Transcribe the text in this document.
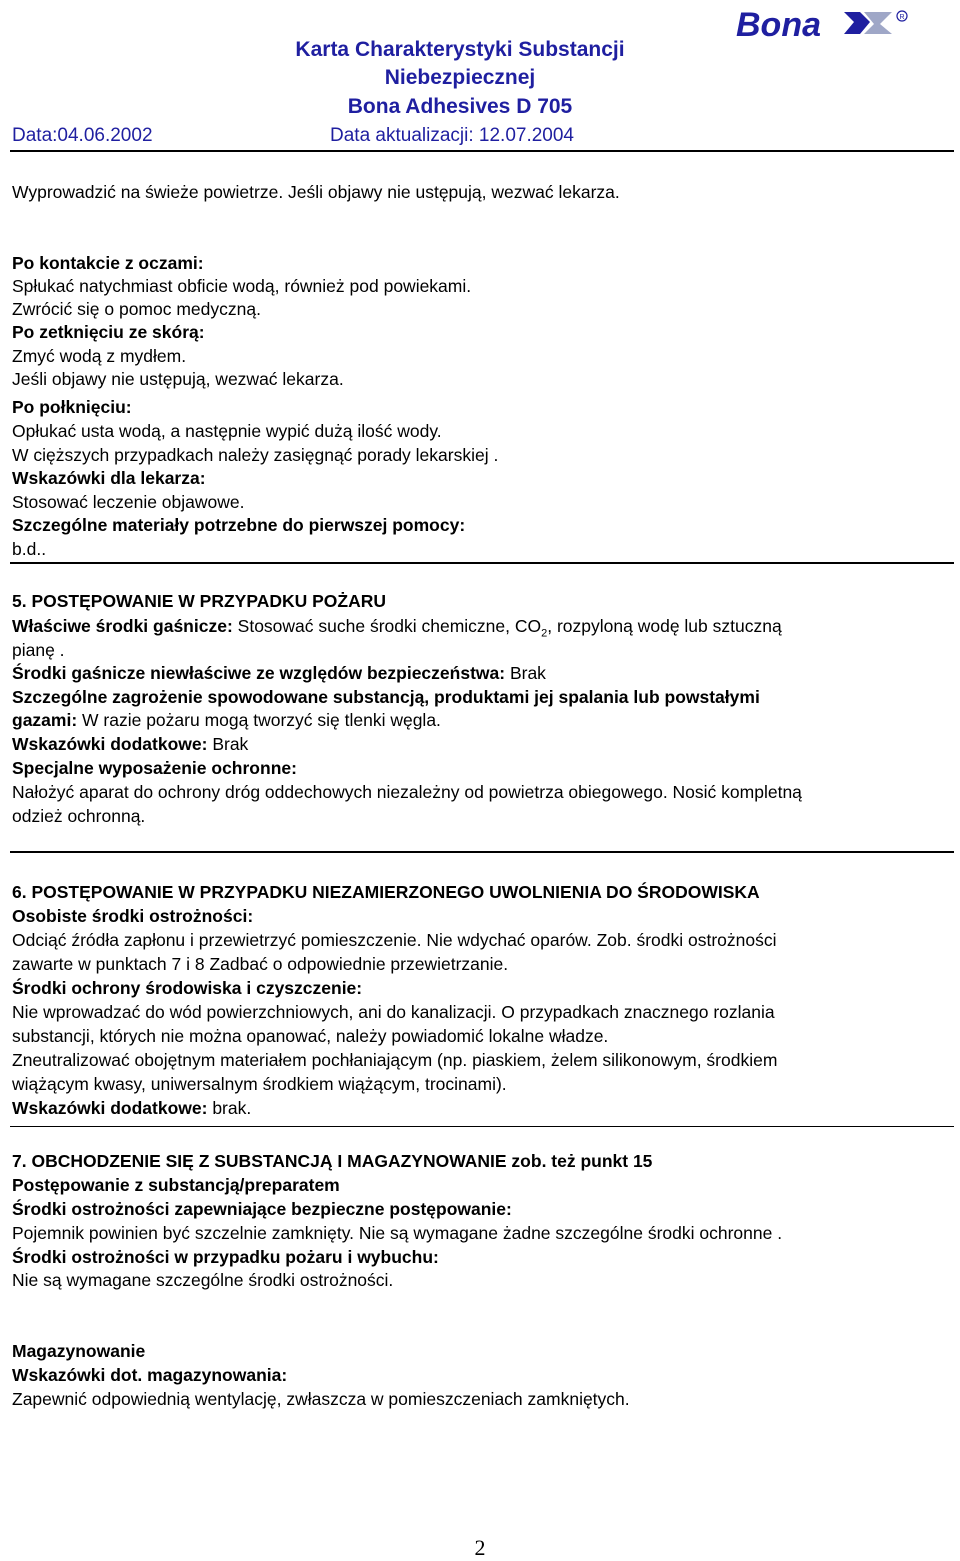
Karta Charakterystyki Substancji
Niebezpiecznej
Bona Adhesives D 705
Data:04.06.2002	Data aktualizacji: 12.07.2004
Bona	R
Wyprowadzić na świeże powietrze. Jeśli objawy nie ustępują, wezwać lekarza.
Po kontakcie z oczami:
Spłukać natychmiast obficie wodą, również pod powiekami.
Zwrócić się o pomoc medyczną.
Po zetknięciu ze skórą:
Zmyć wodą z mydłem.
Jeśli objawy nie ustępują, wezwać lekarza.
Po połknięciu:
Opłukać usta wodą, a następnie wypić dużą ilość wody.
W cięższych przypadkach należy zasięgnąć porady lekarskiej .
Wskazówki dla lekarza:
Stosować leczenie objawowe.
Szczególne materiały potrzebne do pierwszej pomocy:
b.d..
5. POSTĘPOWANIE W PRZYPADKU POŻARU
Właściwe środki gaśnicze: Stosować suche środki chemiczne, $CO_2$, rozpyloną wodę lub sztuczną
pianę .
Środki gaśnicze niewłaściwe ze względów bezpieczeństwa: Brak
Szczególne zagrożenie spowodowane substancją, produktami jej spalania lub powstałymi
gazami: W razie pożaru mogą tworzyć się tlenki węgla.
Wskazówki dodatkowe: Brak
Specjalne wyposażenie ochronne:
Nałożyć aparat do ochrony dróg oddechowych niezależny od powietrza obiegowego. Nosić kompletną
odzież ochronną.
6. POSTĘPOWANIE W PRZYPADKU NIEZAMIERZONEGO UWOLNIENIA DO ŚRODOWISKA
Osobiste środki ostrożności:
Odciąć źródła zapłonu i przewietrzyć pomieszczenie. Nie wdychać oparów. Zob. środki ostrożności
zawarte w punktach 7 i 8 Zadbać o odpowiednie przewietrzanie.
Środki ochrony środowiska i czyszczenie:
Nie wprowadzać do wód powierzchniowych, ani do kanalizacji. O przypadkach znacznego rozlania
substancji, których nie można opanować, należy powiadomić lokalne władze.
Zneutralizować obojętnym materiałem pochłaniającym (np. piaskiem, żelem silikonowym, środkiem
wiążącym kwasy, uniwersalnym środkiem wiążącym, trocinami).
Wskazówki dodatkowe: brak.
7. OBCHODZENIE SIĘ Z SUBSTANCJĄ I MAGAZYNOWANIE zob. też punkt 15
Postępowanie z substancją/preparatem
Środki ostrożności zapewniające bezpieczne postępowanie:
Pojemnik powinien być szczelnie zamknięty. Nie są wymagane żadne szczególne środki ochronne .
Środki ostrożności w przypadku pożaru i wybuchu:
Nie są wymagane szczególne środki ostrożności.
Magazynowanie
Wskazówki dot. magazynowania:
Zapewnić odpowiednią wentylację, zwłaszcza w pomieszczeniach zamkniętych.
2
